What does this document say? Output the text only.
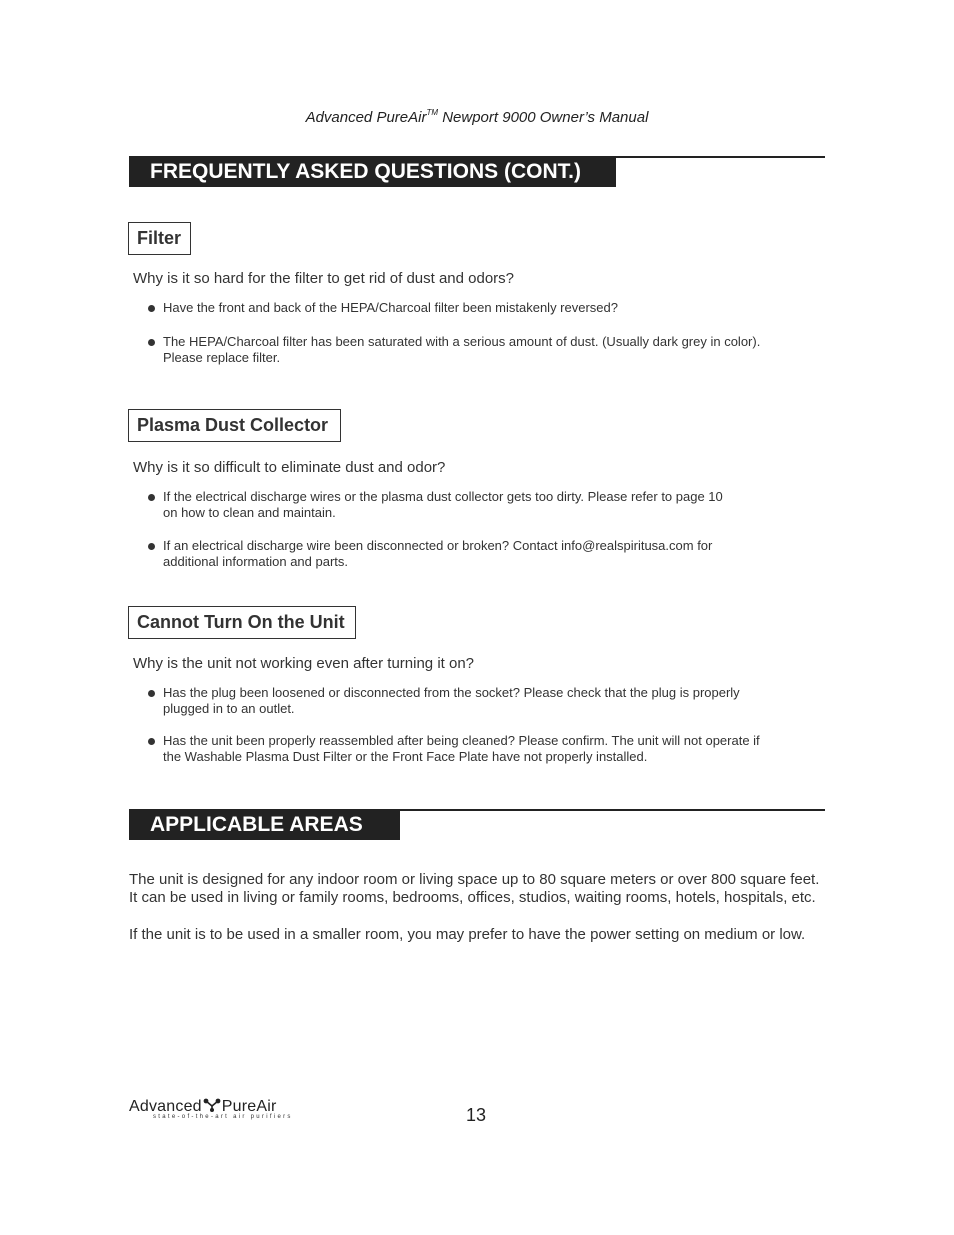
Advanced PureAir™ Newport 9000 Owner’s Manual
FREQUENTLY ASKED QUESTIONS (CONT.)
Filter
Why is it so hard for the filter to get rid of dust and odors?
Have the front and back of the HEPA/Charcoal filter been mistakenly reversed?
The HEPA/Charcoal filter has been saturated with a serious amount of dust. (Usually dark grey in color).
Please replace filter.
Plasma Dust Collector
Why is it so difficult to eliminate dust and odor?
If the electrical discharge wires or the plasma dust collector gets too dirty. Please refer to page 10
on how to clean and maintain.
If an electrical discharge wire been disconnected or broken? Contact info@realspiritusa.com for
additional information and parts.
Cannot Turn On the Unit
Why is the unit not working even after turning it on?
Has the plug been loosened or disconnected from the socket? Please check that the plug is properly
plugged in to an outlet.
Has the unit been properly reassembled after being cleaned? Please confirm. The unit will not operate if
the Washable Plasma Dust Filter or the Front Face Plate have not properly installed.
APPLICABLE AREAS
The unit is designed for any indoor room or living space up to 80 square meters or over 800 square feet.
It can be used in living or family rooms, bedrooms, offices, studios, waiting rooms, hotels, hospitals, etc.
If the unit is to be used in a smaller room, you may prefer to have the power setting on medium or low.
Advanced PureAir
state-of-the-art air purifiers	13
